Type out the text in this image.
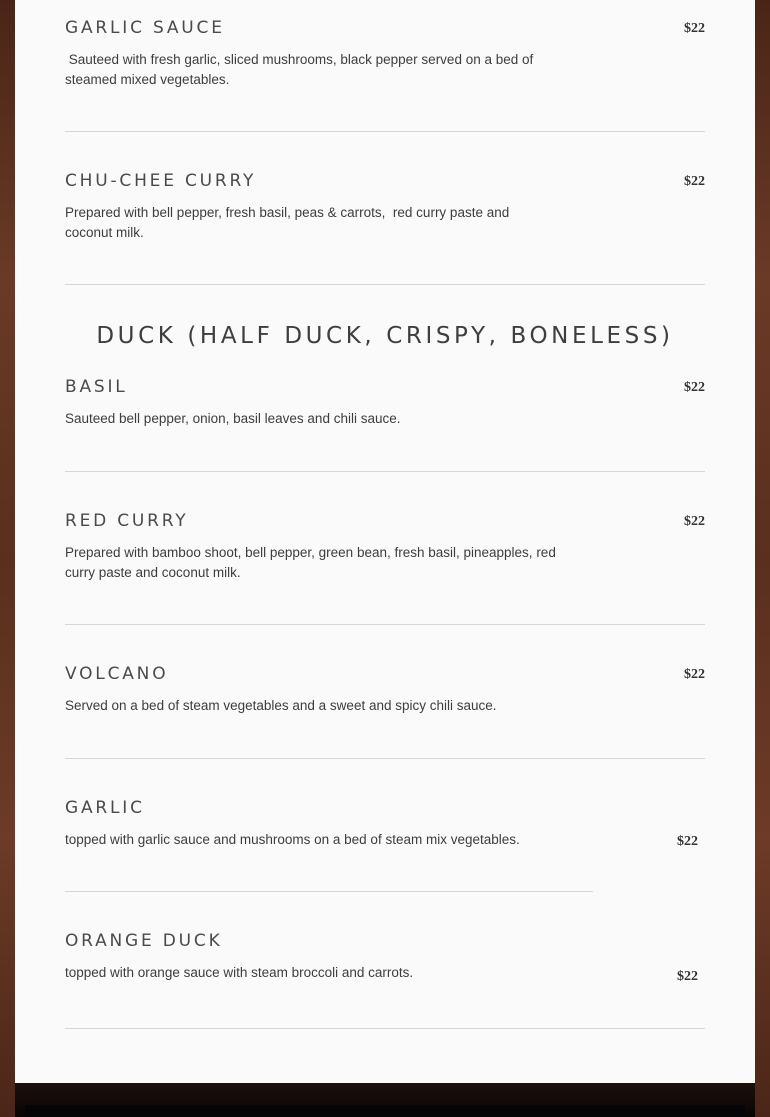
GARLIC SAUCE
Sauteed with fresh garlic, sliced mushrooms, black pepper served on a bed of steamed mixed vegetables.
$22
CHU-CHEE CURRY
Prepared with bell pepper, fresh basil, peas & carrots,  red curry paste and coconut milk.
$22
DUCK (HALF DUCK, CRISPY, BONELESS)
BASIL
Sauteed bell pepper, onion, basil leaves and chili sauce.
$22
RED CURRY
Prepared with bamboo shoot, bell pepper, green bean, fresh basil, pineapples, red curry paste and coconut milk.
$22
VOLCANO
Served on a bed of steam vegetables and a sweet and spicy chili sauce.
$22
GARLIC
topped with garlic sauce and mushrooms on a bed of steam mix vegetables.	$22
ORANGE DUCK
topped with orange sauce with steam broccoli and carrots.	$22
